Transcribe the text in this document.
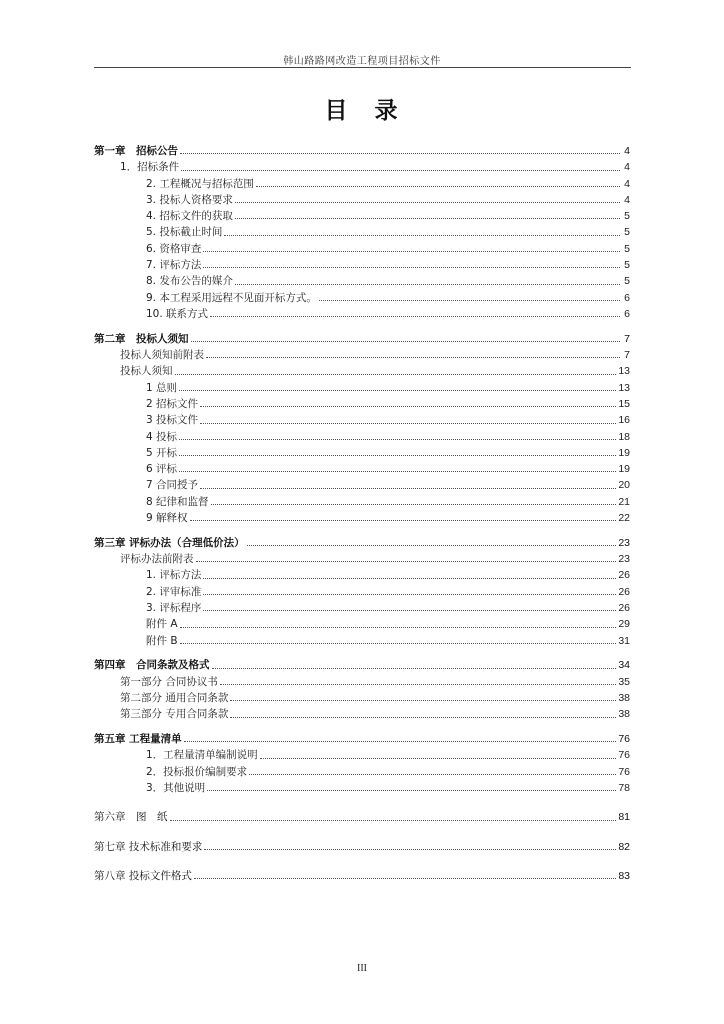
韩山路路网改造工程项目招标文件
目　录
第一章　招标公告	4
1．招标条件	4
2. 工程概况与招标范围	4
3. 投标人资格要求	4
4. 招标文件的获取	5
5. 投标截止时间	5
6. 资格审查	5
7. 评标方法	5
8. 发布公告的媒介	5
9. 本工程采用远程不见面开标方式。	6
10. 联系方式	6
第二章　投标人须知	7
投标人须知前附表	7
投标人须知	13
1 总则	13
2 招标文件	15
3 投标文件	16
4 投标	18
5 开标	19
6 评标	19
7 合同授予	20
8 纪律和监督	21
9 解释权	22
第三章 评标办法（合理低价法）	23
评标办法前附表	23
1. 评标方法	26
2. 评审标准	26
3. 评标程序	26
附件 A	29
附件 B	31
第四章　合同条款及格式	34
第一部分 合同协议书	35
第二部分 通用合同条款	38
第三部分 专用合同条款	38
第五章 工程量清单	76
1．工程量清单编制说明	76
2．投标报价编制要求	76
3．其他说明	78
第六章　图　纸	81
第七章 技术标准和要求	82
第八章 投标文件格式	83
III
